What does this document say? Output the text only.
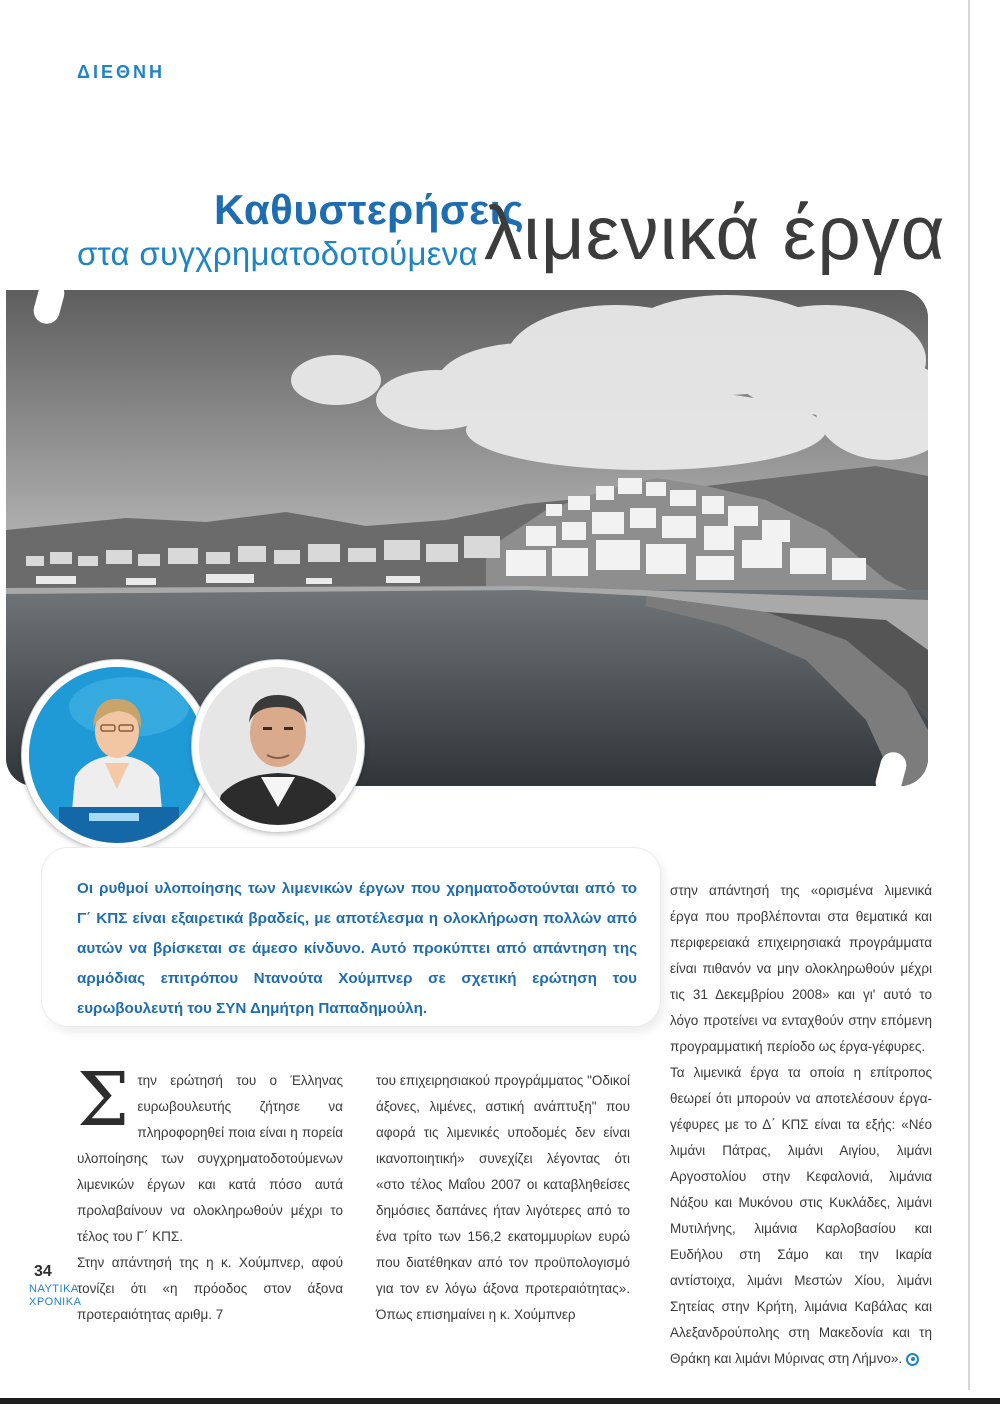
ΔΙΕΘΝΗ
Καθυστερήσεις
στα συγχρηματοδοτούμενα λιμενικά έργα
Οι ρυθμοί υλοποίησης των λιμενικών έργων που χρηματοδοτούνται από το Γ΄ ΚΠΣ είναι εξαιρετικά βραδείς, με αποτέλεσμα η ολοκλήρωση πολλών από αυτών να βρίσκεται σε άμεσο κίνδυνο. Αυτό προκύπτει από απάντηση της αρμόδιας επιτρόπου Ντανούτα Χούμπνερ σε σχετική ερώτηση του ευρωβουλευτή του ΣΥΝ Δημήτρη Παπαδημούλη.
Σ την ερώτησή του ο Έλληνας ευρωβουλευτής ζήτησε να πληροφορηθεί ποια είναι η πορεία υλοποίησης των συγχρηματοδοτούμενων λιμενικών έργων και κατά πόσο αυτά προλαβαίνουν να ολοκληρωθούν μέχρι το τέλος του Γ΄ ΚΠΣ.

Στην απάντησή της η κ. Χούμπνερ, αφού τονίζει ότι «η πρόοδος στον άξονα προτεραιότητας αριθμ. 7

του επιχειρησιακού προγράμματος "Οδικοί άξονες, λιμένες, αστική ανάπτυξη" που αφορά τις λιμενικές υποδομές δεν είναι ικανοποιητική» συνεχίζει λέγοντας ότι «στο τέλος Μαΐου 2007 οι καταβληθείσες δημόσιες δαπάνες ήταν λιγότερες από το ένα τρίτο των 156,2 εκατομμυρίων ευρώ που διατέθηκαν από τον προϋπολογισμό για τον εν λόγω άξονα προτεραιότητας». Όπως επισημαίνει η κ. Χούμπνερ

στην απάντησή της «ορισμένα λιμενικά έργα που προβλέπονται στα θεματικά και περιφερειακά επιχειρησιακά προγράμματα είναι πιθανόν να μην ολοκληρωθούν μέχρι τις 31 Δεκεμβρίου 2008» και γι' αυτό το λόγο προτείνει να ενταχθούν στην επόμενη προγραμματική περίοδο ως έργα-γέφυρες.

Τα λιμενικά έργα τα οποία η επίτροπος θεωρεί ότι μπορούν να αποτελέσουν έργα-γέφυρες με το Δ΄ ΚΠΣ είναι τα εξής: «Νέο λιμάνι Πάτρας, λιμάνι Αιγίου, λιμάνι Αργοστολίου στην Κεφαλονιά, λιμάνια Νάξου και Μυκόνου στις Κυκλάδες, λιμάνι Μυτιλήνης, λιμάνια Καρλοβασίου και Ευδήλου στη Σάμο και την Ικαρία αντίστοιχα, λιμάνι Μεστών Χίου, λιμάνι Σητείας στην Κρήτη, λιμάνια Καβάλας και Αλεξανδρούπολης στη Μακεδονία και τη Θράκη και λιμάνι Μύρινας στη Λήμνο».

34
ΝΑΥΤΙΚΑ
ΧΡΟΝΙΚΑ
